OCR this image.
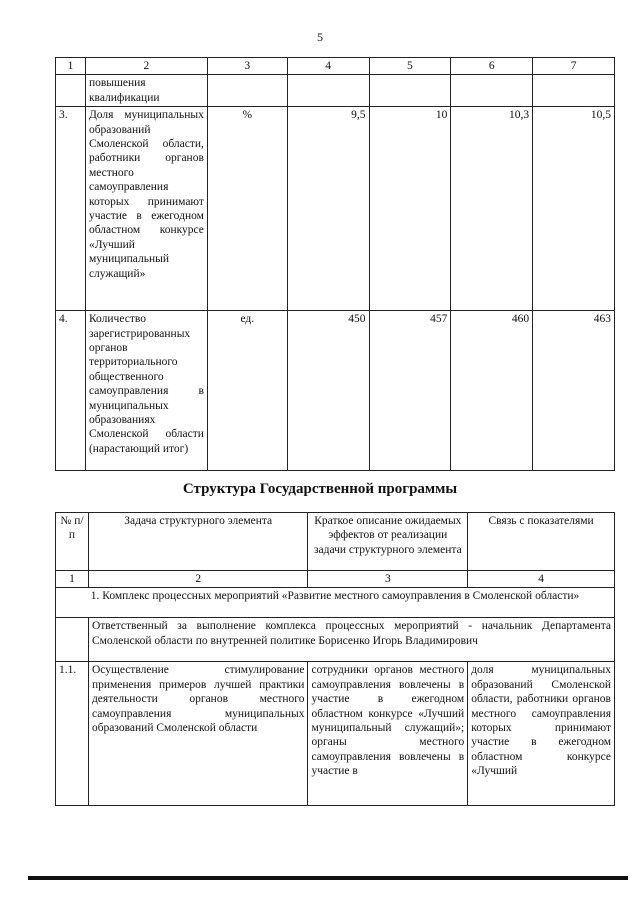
5
1	2	3	4	5	6	7
	повышения квалификации					
3.	Доля муниципальных образований Смоленской области, работники органов местного самоуправления которых принимают участие в ежегодном областном конкурсе «Лучший муниципальный служащий»	%	9,5	10	10,3	10,5
4.	Количество зарегистрированных органов территориального общественного самоуправления в муниципальных образованиях Смоленской области (нарастающий итог)	ед.	450	457	460	463
Структура Государственной программы
№ п/п	Задача структурного элемента	Краткое описание ожидаемых эффектов от реализации задачи структурного элемента	Связь с показателями
1	2	3	4
1. Комплекс процессных мероприятий «Развитие местного самоуправления в Смоленской области»			
	Ответственный за выполнение комплекса процессных мероприятий - начальник Департамента Смоленской области по внутренней политике Борисенко Игорь Владимирович		
1.1.	Осуществление стимулирование применения примеров лучшей практики деятельности органов местного самоуправления муниципальных образований Смоленской области	сотрудники органов местного самоуправления вовлечены в участие в ежегодном областном конкурсе «Лучший муниципальный служащий»; органы местного самоуправления вовлечены в участие в	доля муниципальных образований Смоленской области, работники органов местного самоуправления которых принимают участие в ежегодном областном конкурсе «Лучший
